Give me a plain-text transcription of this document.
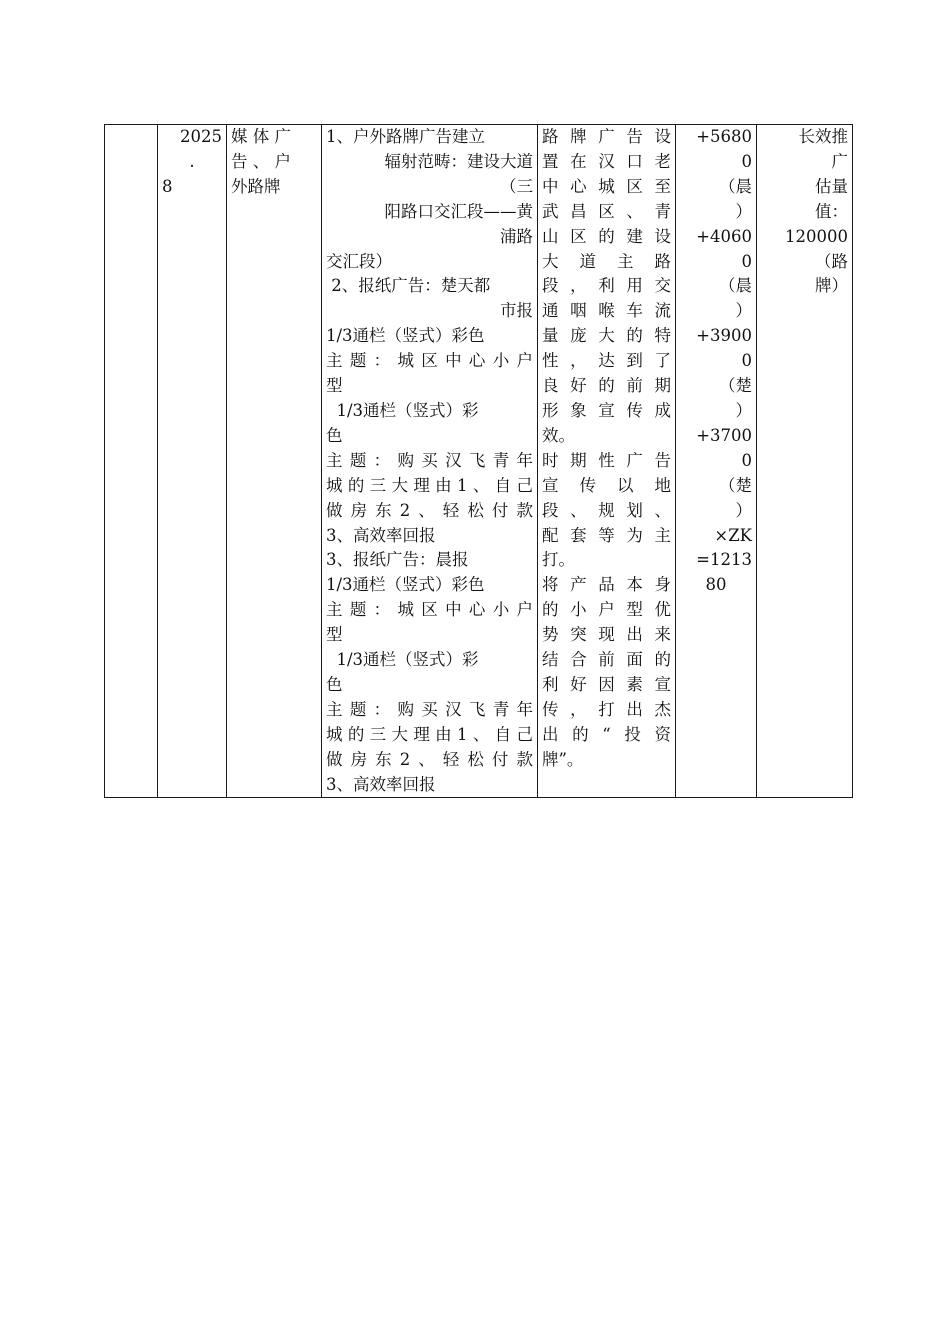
2025
.
8

媒 体 广
告 、 户
外路牌

1、户外路牌广告建立
辐射范畴：建设大道
（三
阳路口交汇段——黄
浦路
交汇段）
2、报纸广告：楚天都
市报
1/3通栏（竖式）彩色
主题：城区中心小户
型
1/3通栏（竖式）彩
色
主题：购买汉飞青年
城的三大理由1、自己
做房东2、轻松付款
3、高效率回报
3、报纸广告：晨报
1/3通栏（竖式）彩色
主题：城区中心小户
型
1/3通栏（竖式）彩
色
主题：购买汉飞青年
城的三大理由1、自己
做房东2、轻松付款
3、高效率回报

路牌广告设
置在汉口老
中心城区至
武昌区、青
山区的建设
大 道 主 路
段，利用交
通咽喉车流
量庞大的特
性，达到了
良好的前期
形象宣传成
效。
时期性广告
宣 传 以 地
段、规划、
配套等为主
打。
将产品本身
的小户型优
势突现出来
结合前面的
利好因素宣
传，打出杰
出的“投资
牌”。

+5680
0
（晨
）
+4060
0
（晨
）
+3900
0
（楚
）
+3700
0
（楚
）
×ZK
=1213
80

长效推
广
估量
值：
120000
（路
牌）
